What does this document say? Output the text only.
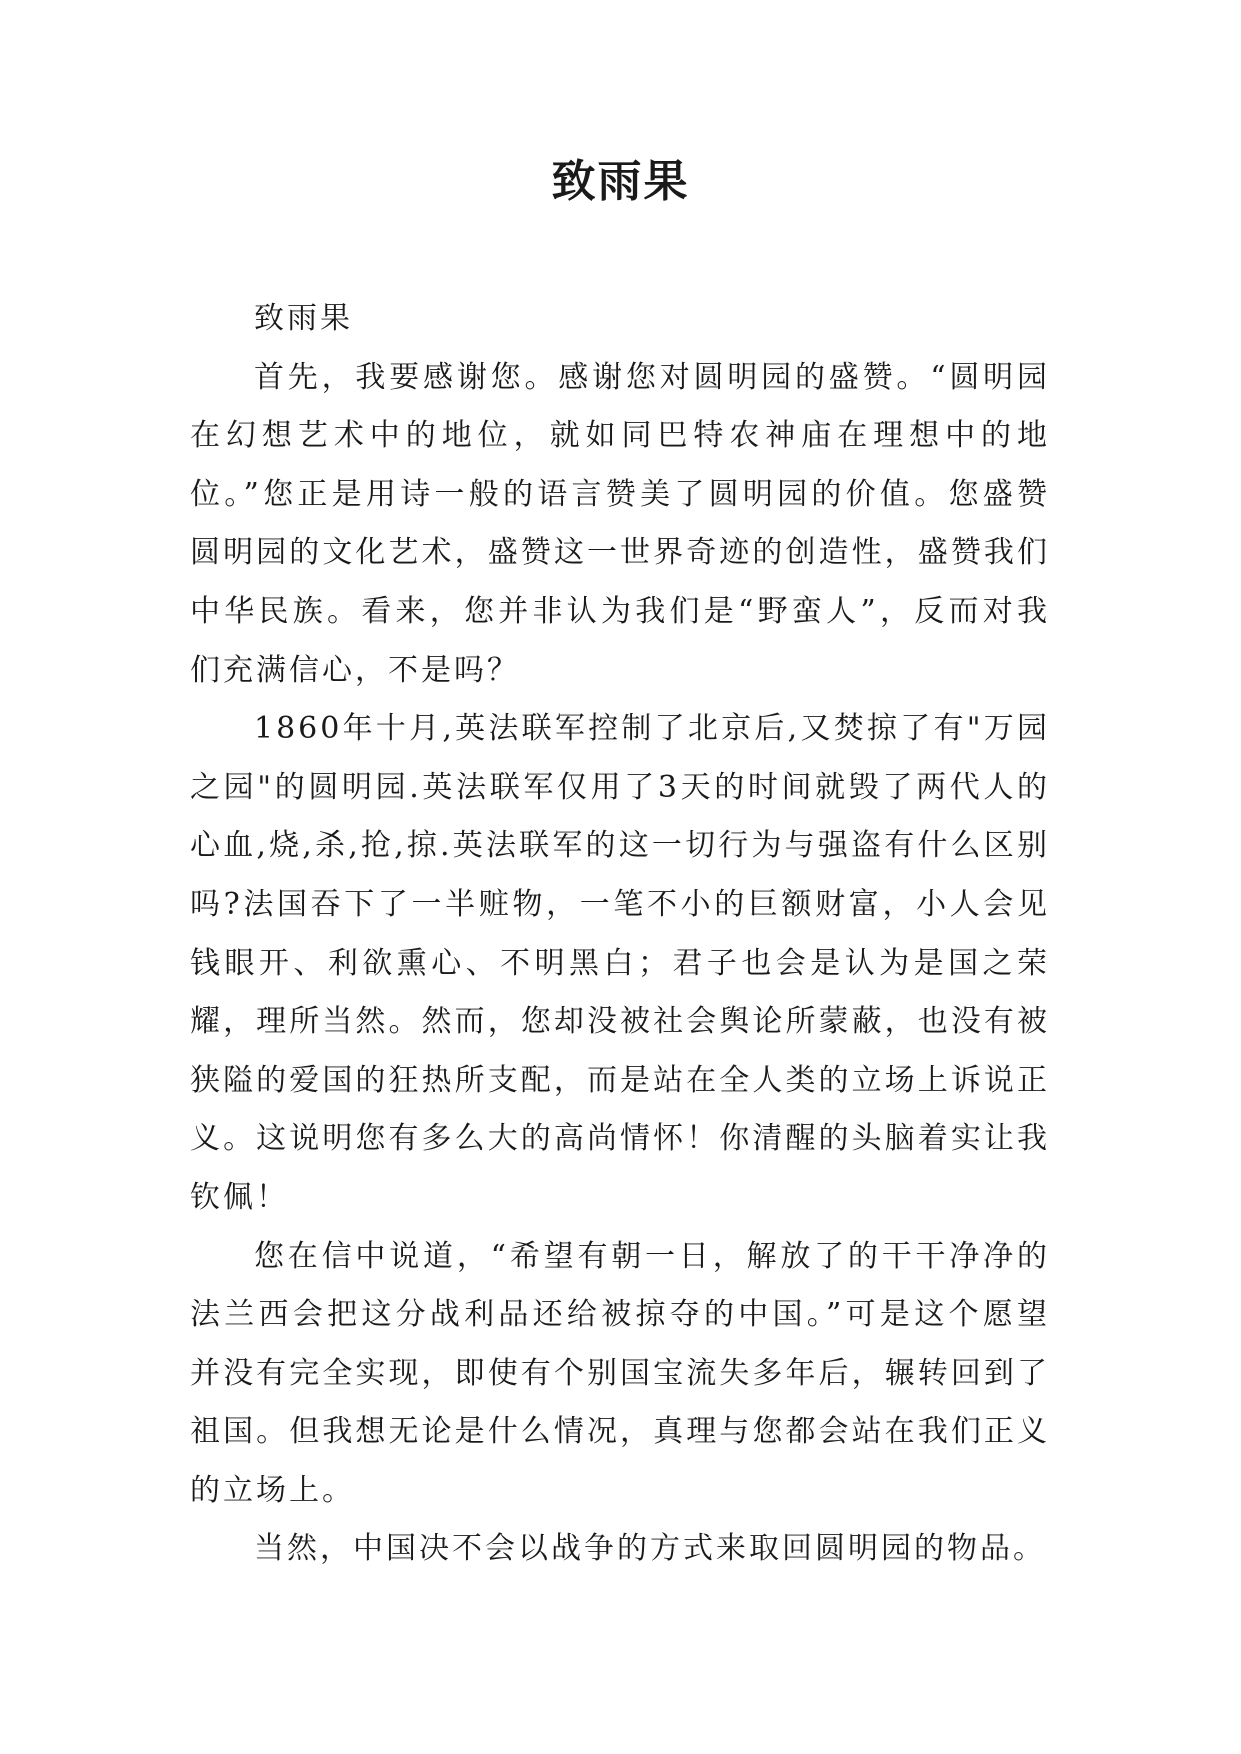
致雨果

致雨果

首先，我要感谢您。感谢您对圆明园的盛赞。“圆明园在幻想艺术中的地位，就如同巴特农神庙在理想中的地位。”您正是用诗一般的语言赞美了圆明园的价值。您盛赞圆明园的文化艺术，盛赞这一世界奇迹的创造性，盛赞我们中华民族。看来，您并非认为我们是“野蛮人”，反而对我们充满信心，不是吗？

1860年十月,英法联军控制了北京后,又焚掠了有"万园之园"的圆明园.英法联军仅用了3天的时间就毁了两代人的心血,烧,杀,抢,掠.英法联军的这一切行为与强盗有什么区别吗?法国吞下了一半赃物，一笔不小的巨额财富，小人会见钱眼开、利欲熏心、不明黑白；君子也会是认为是国之荣耀，理所当然。然而，您却没被社会舆论所蒙蔽，也没有被狭隘的爱国的狂热所支配，而是站在全人类的立场上诉说正义。这说明您有多么大的高尚情怀！你清醒的头脑着实让我钦佩！

您在信中说道，“希望有朝一日，解放了的干干净净的法兰西会把这分战利品还给被掠夺的中国。”可是这个愿望并没有完全实现，即使有个别国宝流失多年后，辗转回到了祖国。但我想无论是什么情况，真理与您都会站在我们正义的立场上。

当然，中国决不会以战争的方式来取回圆明园的物品。
